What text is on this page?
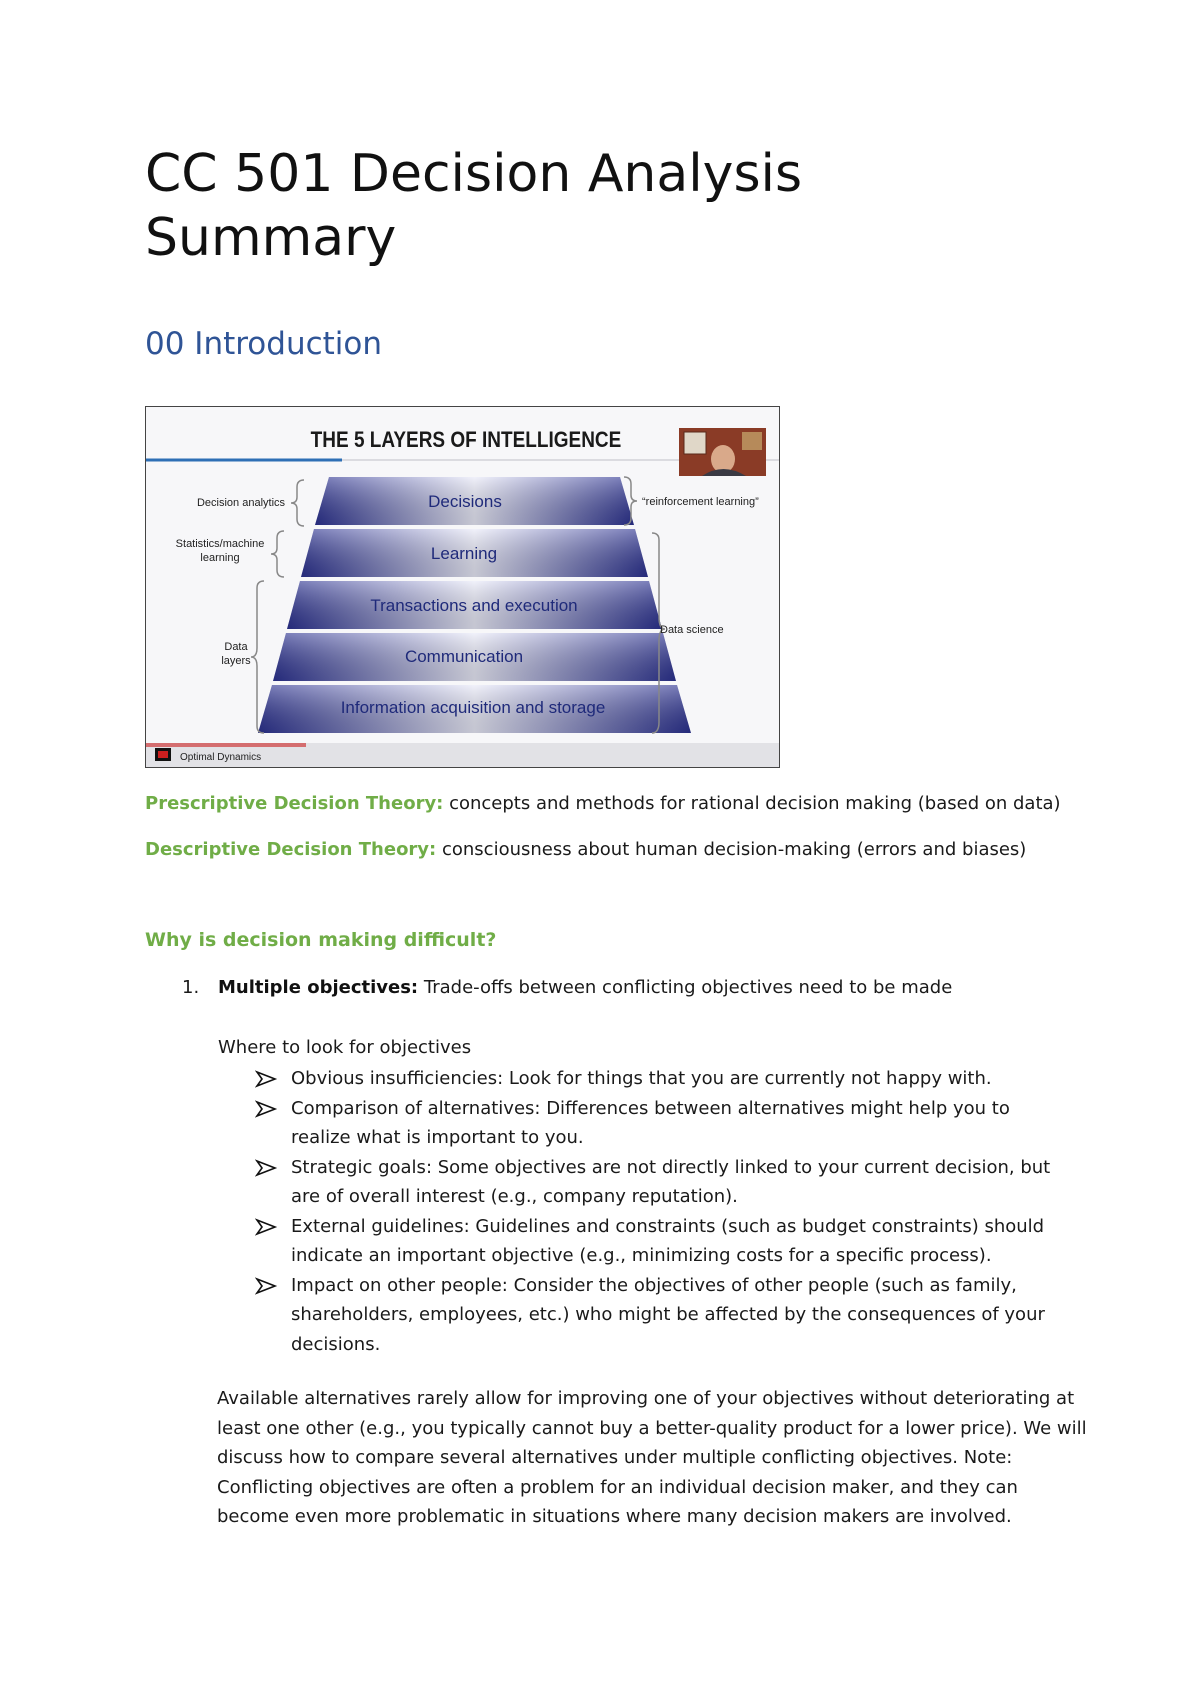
CC 501 Decision Analysis
Summary
00 Introduction
THE 5 LAYERS OF INTELLIGENCE
Decisions
Learning
Transactions and execution
Communication
Information acquisition and storage
Decision analytics
Statistics/machine
learning
Data
layers
“reinforcement learning”
Data science
Optimal Dynamics

Prescriptive Decision Theory: concepts and methods for rational decision making (based on data)

Descriptive Decision Theory: consciousness about human decision-making (errors and biases)

Why is decision making difficult?

1. Multiple objectives: Trade-offs between conflicting objectives need to be made

Where to look for objectives

Obvious insufficiencies: Look for things that you are currently not happy with.
Comparison of alternatives: Differences between alternatives might help you to realize what is important to you.
Strategic goals: Some objectives are not directly linked to your current decision, but are of overall interest (e.g., company reputation).
External guidelines: Guidelines and constraints (such as budget constraints) should indicate an important objective (e.g., minimizing costs for a specific process).
Impact on other people: Consider the objectives of other people (such as family, shareholders, employees, etc.) who might be affected by the consequences of your decisions.

Available alternatives rarely allow for improving one of your objectives without deteriorating at least one other (e.g., you typically cannot buy a better-quality product for a lower price). We will discuss how to compare several alternatives under multiple conflicting objectives. Note: Conflicting objectives are often a problem for an individual decision maker, and they can become even more problematic in situations where many decision makers are involved.
